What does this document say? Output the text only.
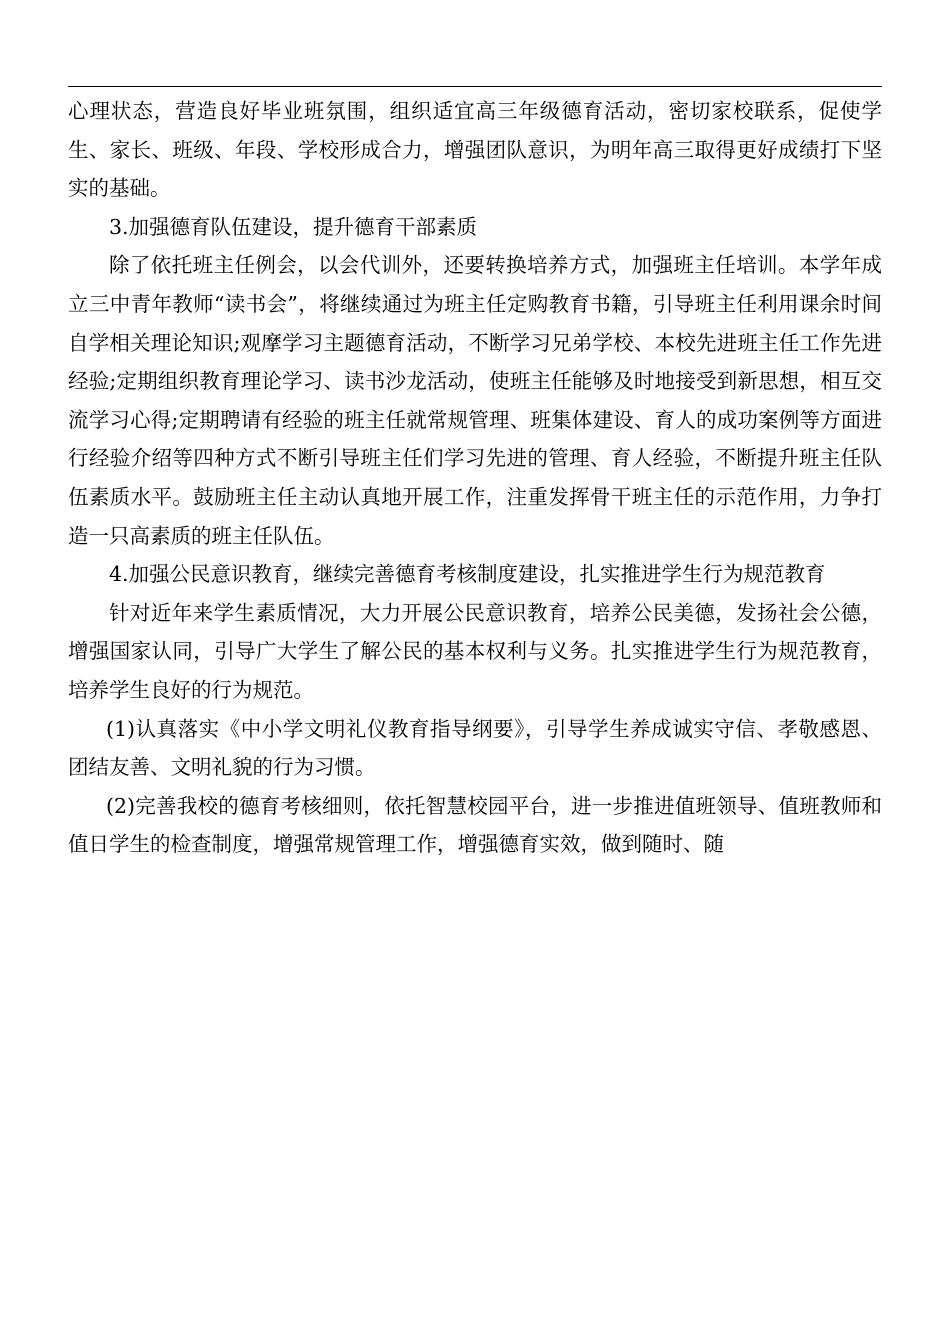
心理状态，营造良好毕业班氛围，组织适宜高三年级德育活动，密切家校联系，促使学生、家长、班级、年段、学校形成合力，增强团队意识，为明年高三取得更好成绩打下坚实的基础。

3.加强德育队伍建设，提升德育干部素质

除了依托班主任例会，以会代训外，还要转换培养方式，加强班主任培训。本学年成立三中青年教师“读书会”，将继续通过为班主任定购教育书籍，引导班主任利用课余时间自学相关理论知识;观摩学习主题德育活动，不断学习兄弟学校、本校先进班主任工作先进经验;定期组织教育理论学习、读书沙龙活动，使班主任能够及时地接受到新思想，相互交流学习心得;定期聘请有经验的班主任就常规管理、班集体建设、育人的成功案例等方面进行经验介绍等四种方式不断引导班主任们学习先进的管理、育人经验，不断提升班主任队伍素质水平。鼓励班主任主动认真地开展工作，注重发挥骨干班主任的示范作用，力争打造一只高素质的班主任队伍。

4.加强公民意识教育，继续完善德育考核制度建设，扎实推进学生行为规范教育

针对近年来学生素质情况，大力开展公民意识教育，培养公民美德，发扬社会公德，增强国家认同，引导广大学生了解公民的基本权利与义务。扎实推进学生行为规范教育，培养学生良好的行为规范。

(1)认真落实《中小学文明礼仪教育指导纲要》，引导学生养成诚实守信、孝敬感恩、团结友善、文明礼貌的行为习惯。

(2)完善我校的德育考核细则，依托智慧校园平台，进一步推进值班领导、值班教师和值日学生的检查制度，增强常规管理工作，增强德育实效，做到随时、随
